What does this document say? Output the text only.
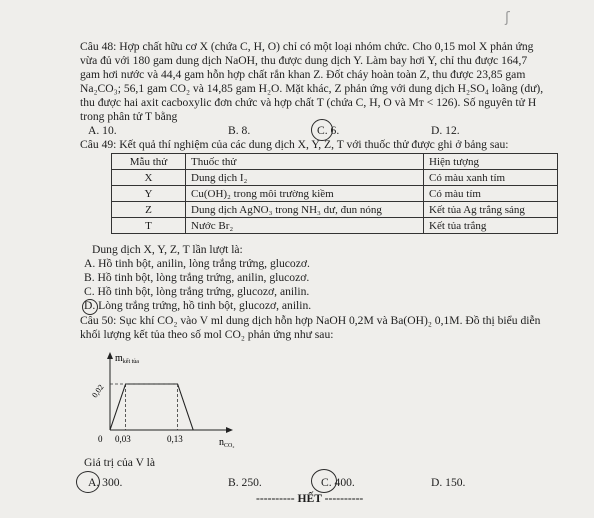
ʃ
Câu 48: Hợp chất hữu cơ X (chứa C, H, O) chỉ có một loại nhóm chức. Cho 0,15 mol X phản ứng
vừa đủ với 180 gam dung dịch NaOH, thu được dung dịch Y. Làm bay hơi Y, chỉ thu được 164,7
gam hơi nước và 44,4 gam hỗn hợp chất rắn khan Z. Đốt cháy hoàn toàn Z, thu được 23,85 gam
Na₂CO₃; 56,1 gam CO₂ và 14,85 gam H₂O. Mặt khác, Z phản ứng với dung dịch H₂SO₄ loãng (dư),
thu được hai axit cacboxylic đơn chức và hợp chất T (chứa C, H, O và Mᴛ < 126). Số nguyên tử H
trong phân tử T bằng
A. 10.	B. 8.	C. 6.	D. 12.
Câu 49: Kết quả thí nghiệm của các dung dịch X, Y, Z, T với thuốc thử được ghi ở bảng sau:
Mẫu thử	Thuốc thử	Hiện tượng
X	Dung dịch I₂	Có màu xanh tím
Y	Cu(OH)₂ trong môi trường kiềm	Có màu tím
Z	Dung dịch AgNO₃ trong NH₃ dư, đun nóng	Kết tủa Ag trắng sáng
T	Nước Br₂	Kết tủa trắng
Dung dịch X, Y, Z, T lần lượt là:
A. Hồ tinh bột, anilin, lòng trắng trứng, glucozơ.
B. Hồ tinh bột, lòng trắng trứng, anilin, glucozơ.
C. Hồ tinh bột, lòng trắng trứng, glucozơ, anilin.
D. Lòng trắng trứng, hồ tinh bột, glucozơ, anilin.
Câu 50: Sục khí CO₂ vào V ml dung dịch hỗn hợp NaOH 0,2M và Ba(OH)₂ 0,1M. Đồ thị biểu diễn
khối lượng kết tủa theo số mol CO₂ phản ứng như sau:
$m_{kết tủa}$
$n_{CO_2}$
0,02
0 0,03	0,13
Giá trị của V là
A. 300.	B. 250.	C. 400.	D. 150.
---------- HẾT ----------
